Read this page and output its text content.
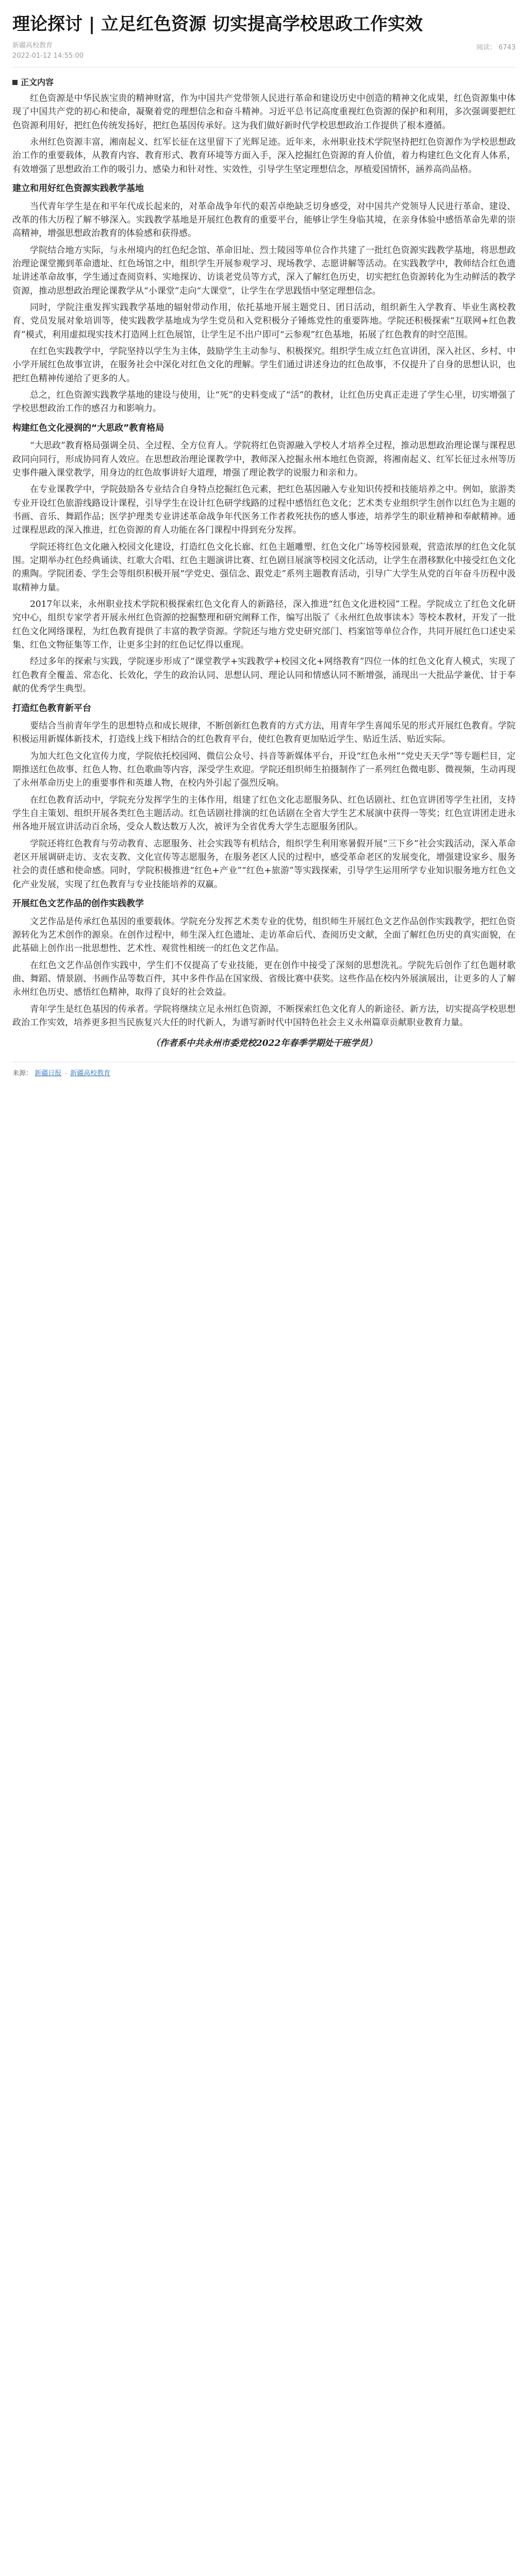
理论探讨 | 立足红色资源 切实提高学校思政工作实效
新疆高校教育
2022-01-12 14:55:00
阅读： 6743
正文内容

红色资源是中华民族宝贵的精神财富，作为中国共产党带领人民进行革命和建设历史中创造的精神文化成果，红色资源集中体现了中国共产党的初心和使命，凝聚着党的理想信念和奋斗精神。习近平总书记高度重视红色资源的保护和利用，多次强调要把红色资源利用好，把红色传统发扬好，把红色基因传承好。这为我们做好新时代学校思想政治工作提供了根本遵循。

永州红色资源丰富，湘南起义、红军长征在这里留下了光辉足迹。近年来，永州职业技术学院坚持把红色资源作为学校思想政治工作的重要载体，从教育内容、教育形式、教育环境等方面入手，深入挖掘红色资源的育人价值，着力构建红色文化育人体系，有效增强了思想政治工作的吸引力、感染力和针对性、实效性，引导学生坚定理想信念，厚植爱国情怀，涵养高尚品格。

建立和用好红色资源实践教学基地

当代青年学生是在和平年代成长起来的，对革命战争年代的艰苦卓绝缺乏切身感受，对中国共产党领导人民进行革命、建设、改革的伟大历程了解不够深入。实践教学基地是开展红色教育的重要平台，能够让学生身临其境，在亲身体验中感悟革命先辈的崇高精神，增强思想政治教育的体验感和获得感。

学院结合地方实际，与永州境内的红色纪念馆、革命旧址、烈士陵园等单位合作共建了一批红色资源实践教学基地，将思想政治理论课堂搬到革命遗址、红色场馆之中，组织学生开展参观学习、现场教学、志愿讲解等活动。在实践教学中，教师结合红色遗址讲述革命故事，学生通过查阅资料、实地探访、访谈老党员等方式，深入了解红色历史，切实把红色资源转化为生动鲜活的教学资源，推动思想政治理论课教学从“小课堂”走向“大课堂”，让学生在学思践悟中坚定理想信念。

同时，学院注重发挥实践教学基地的辐射带动作用，依托基地开展主题党日、团日活动，组织新生入学教育、毕业生离校教育、党员发展对象培训等，使实践教学基地成为学生党员和入党积极分子锤炼党性的重要阵地。学院还积极探索“互联网+红色教育”模式，利用虚拟现实技术打造网上红色展馆，让学生足不出户即可“云参观”红色基地，拓展了红色教育的时空范围。

在红色实践教学中，学院坚持以学生为主体，鼓励学生主动参与、积极探究。组织学生成立红色宣讲团，深入社区、乡村、中小学开展红色故事宣讲，在服务社会中深化对红色文化的理解。学生们通过讲述身边的红色故事，不仅提升了自身的思想认识，也把红色精神传递给了更多的人。

总之，红色资源实践教学基地的建设与使用，让“死”的史料变成了“活”的教材，让红色历史真正走进了学生心里，切实增强了学校思想政治工作的感召力和影响力。

构建红色文化浸润的“大思政”教育格局

“大思政”教育格局强调全员、全过程、全方位育人。学院将红色资源融入学校人才培养全过程，推动思想政治理论课与课程思政同向同行，形成协同育人效应。在思想政治理论课教学中，教师深入挖掘永州本地红色资源，将湘南起义、红军长征过永州等历史事件融入课堂教学，用身边的红色故事讲好大道理，增强了理论教学的说服力和亲和力。

在专业课教学中，学院鼓励各专业结合自身特点挖掘红色元素，把红色基因融入专业知识传授和技能培养之中。例如，旅游类专业开设红色旅游线路设计课程，引导学生在设计红色研学线路的过程中感悟红色文化；艺术类专业组织学生创作以红色为主题的书画、音乐、舞蹈作品；医学护理类专业讲述革命战争年代医务工作者救死扶伤的感人事迹，培养学生的职业精神和奉献精神。通过课程思政的深入推进，红色资源的育人功能在各门课程中得到充分发挥。

学院还将红色文化融入校园文化建设，打造红色文化长廊、红色主题雕塑、红色文化广场等校园景观，营造浓厚的红色文化氛围。定期举办红色经典诵读、红歌大合唱、红色主题演讲比赛、红色剧目展演等校园文化活动，让学生在潜移默化中接受红色文化的熏陶。学院团委、学生会等组织积极开展“学党史、强信念、跟党走”系列主题教育活动，引导广大学生从党的百年奋斗历程中汲取精神力量。

2017年以来，永州职业技术学院积极探索红色文化育人的新路径，深入推进“红色文化进校园”工程。学院成立了红色文化研究中心，组织专家学者开展永州红色资源的挖掘整理和研究阐释工作，编写出版了《永州红色故事读本》等校本教材，开发了一批红色文化网络课程，为红色教育提供了丰富的教学资源。学院还与地方党史研究部门、档案馆等单位合作，共同开展红色口述史采集、红色文物征集等工作，让更多尘封的红色记忆得以重现。

经过多年的探索与实践，学院逐步形成了“课堂教学+实践教学+校园文化+网络教育”四位一体的红色文化育人模式，实现了红色教育全覆盖、常态化、长效化，学生的政治认同、思想认同、理论认同和情感认同不断增强，涌现出一大批品学兼优、甘于奉献的优秀学生典型。

打造红色教育新平台

要结合当前青年学生的思想特点和成长规律，不断创新红色教育的方式方法，用青年学生喜闻乐见的形式开展红色教育。学院积极运用新媒体新技术，打造线上线下相结合的红色教育平台，使红色教育更加贴近学生、贴近生活、贴近实际。

为加大红色文化宣传力度，学院依托校园网、微信公众号、抖音等新媒体平台，开设“红色永州”“党史天天学”等专题栏目，定期推送红色故事、红色人物、红色歌曲等内容，深受学生欢迎。学院还组织师生拍摄制作了一系列红色微电影、微视频，生动再现了永州革命历史上的重要事件和英雄人物，在校内外引起了强烈反响。

在红色教育活动中，学院充分发挥学生的主体作用，组建了红色文化志愿服务队、红色话剧社、红色宣讲团等学生社团，支持学生自主策划、组织开展各类红色主题活动。红色话剧社排演的红色话剧在全省大学生艺术展演中获得一等奖；红色宣讲团走进永州各地开展宣讲活动百余场，受众人数达数万人次，被评为全省优秀大学生志愿服务团队。

学院还将红色教育与劳动教育、志愿服务、社会实践等有机结合，组织学生利用寒暑假开展“三下乡”社会实践活动，深入革命老区开展调研走访、支农支教、文化宣传等志愿服务，在服务老区人民的过程中，感受革命老区的发展变化，增强建设家乡、服务社会的责任感和使命感。同时，学院积极推进“红色+产业”“红色+旅游”等实践探索，引导学生运用所学专业知识服务地方红色文化产业发展，实现了红色教育与专业技能培养的双赢。

开展红色文艺作品的创作实践教学

文艺作品是传承红色基因的重要载体。学院充分发挥艺术类专业的优势，组织师生开展红色文艺作品创作实践教学，把红色资源转化为艺术创作的源泉。在创作过程中，师生深入红色遗址、走访革命后代、查阅历史文献，全面了解红色历史的真实面貌，在此基础上创作出一批思想性、艺术性、观赏性相统一的红色文艺作品。

在红色文艺作品创作实践中，学生们不仅提高了专业技能，更在创作中接受了深刻的思想洗礼。学院先后创作了红色题材歌曲、舞蹈、情景剧、书画作品等数百件，其中多件作品在国家级、省级比赛中获奖。这些作品在校内外展演展出，让更多的人了解永州红色历史、感悟红色精神，取得了良好的社会效益。

青年学生是红色基因的传承者。学院将继续立足永州红色资源，不断探索红色文化育人的新途径、新方法，切实提高学校思想政治工作实效，培养更多担当民族复兴大任的时代新人，为谱写新时代中国特色社会主义永州篇章贡献职业教育力量。

（作者系中共永州市委党校2022年春季学期处干班学员）

来源： 新疆日报 - 新疆高校教育
